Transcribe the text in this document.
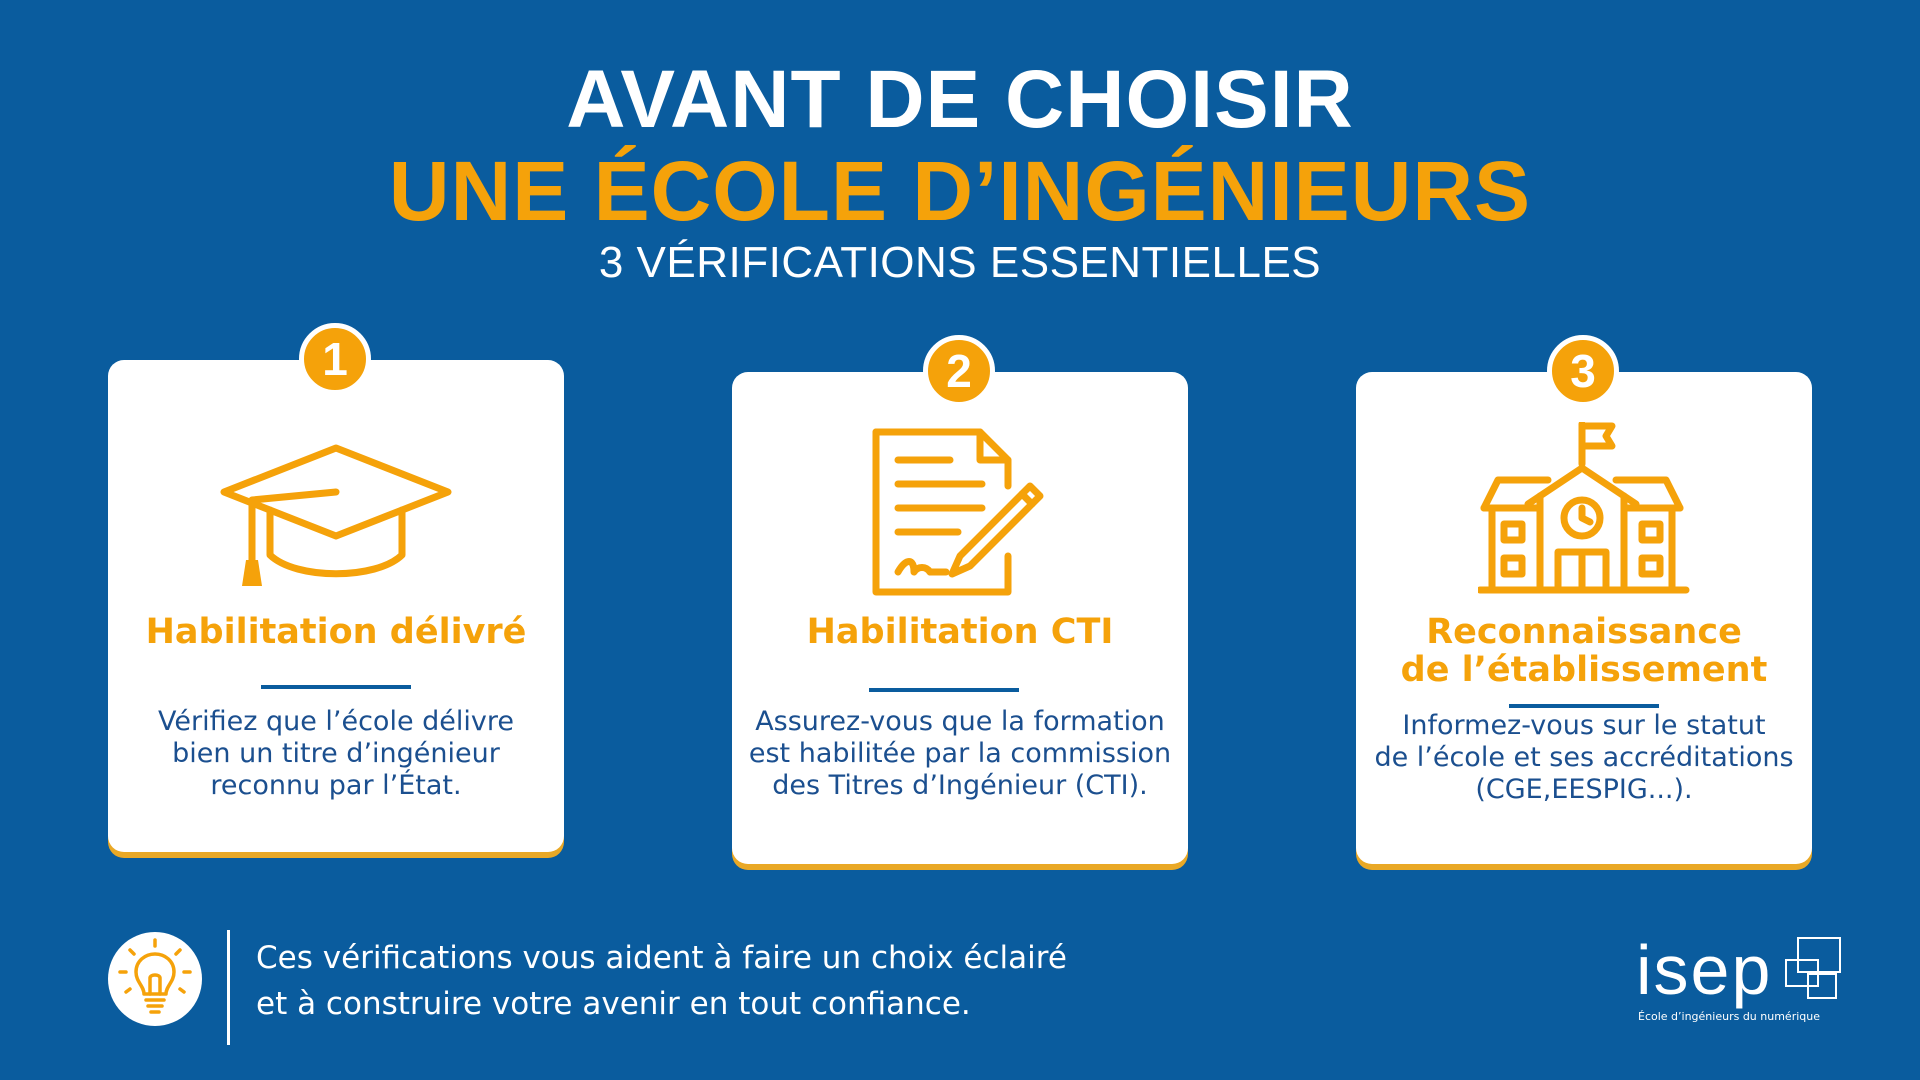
AVANT DE CHOISIR
UNE ÉCOLE D’INGÉNIEURS
3 VÉRIFICATIONS ESSENTIELLES
Habilitation délivré
Vérifiez que l’école délivre
bien un titre d’ingénieur
reconnu par l’État.
1
Habilitation CTI
Assurez-vous que la formation
est habilitée par la commission
des Titres d’Ingénieur (CTI).
2
Reconnaissance
de l’établissement
Informez-vous sur le statut
de l’école et ses accréditations
(CGE,EESPIG...).
3
Ces vérifications vous aident à faire un choix éclairé
et à construire votre avenir en tout confiance.	isep
École d’ingénieurs du numérique
